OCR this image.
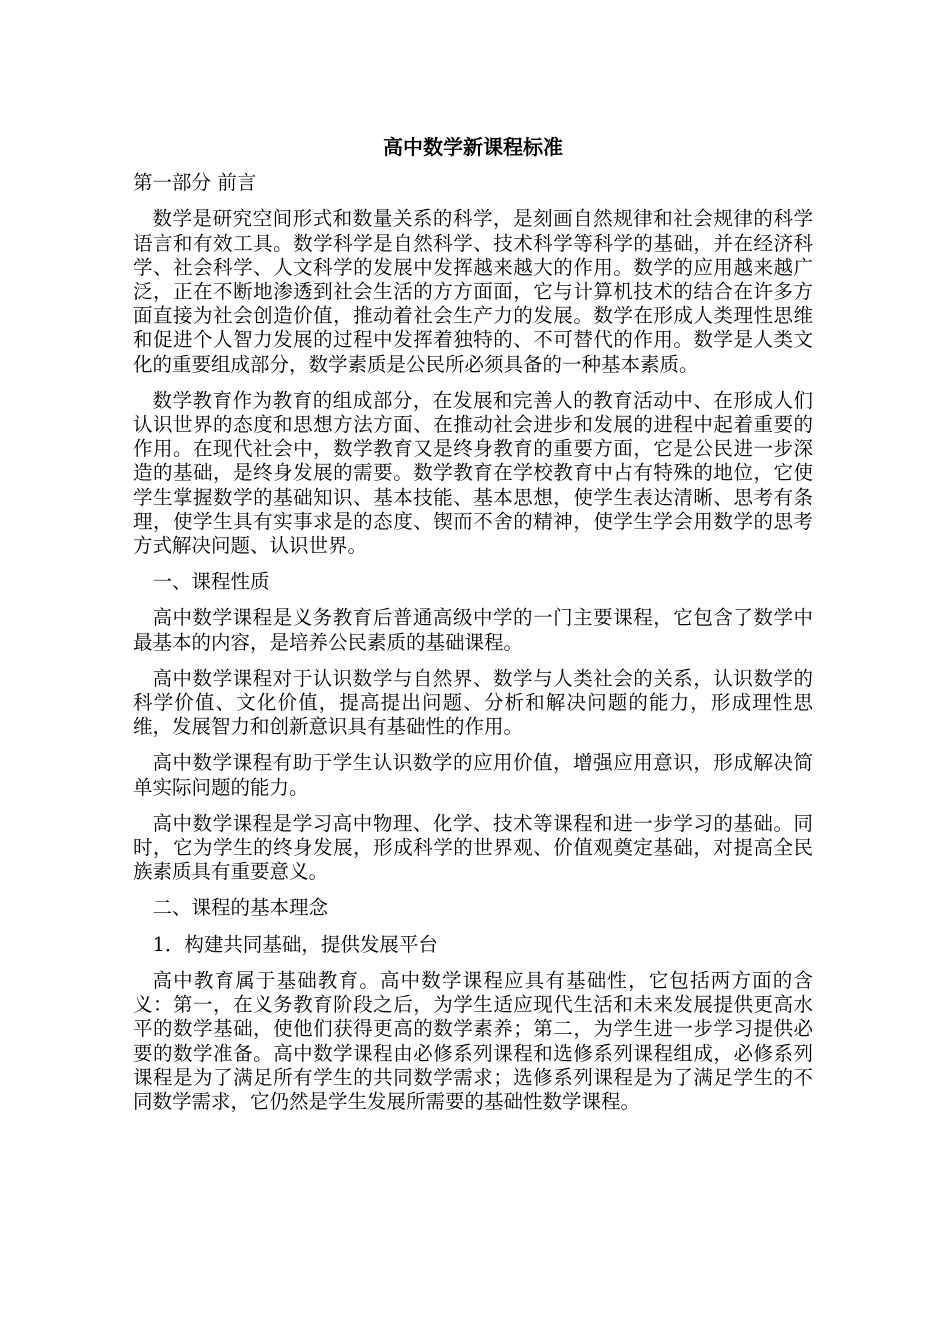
高中数学新课程标准
第一部分 前言

数学是研究空间形式和数量关系的科学，是刻画自然规律和社会规律的科学语言和有效工具。数学科学是自然科学、技术科学等科学的基础，并在经济科学、社会科学、人文科学的发展中发挥越来越大的作用。数学的应用越来越广泛，正在不断地渗透到社会生活的方方面面，它与计算机技术的结合在许多方面直接为社会创造价值，推动着社会生产力的发展。数学在形成人类理性思维和促进个人智力发展的过程中发挥着独特的、不可替代的作用。数学是人类文化的重要组成部分，数学素质是公民所必须具备的一种基本素质。

数学教育作为教育的组成部分，在发展和完善人的教育活动中、在形成人们认识世界的态度和思想方法方面、在推动社会进步和发展的进程中起着重要的作用。在现代社会中，数学教育又是终身教育的重要方面，它是公民进一步深造的基础，是终身发展的需要。数学教育在学校教育中占有特殊的地位，它使学生掌握数学的基础知识、基本技能、基本思想，使学生表达清晰、思考有条理，使学生具有实事求是的态度、锲而不舍的精神，使学生学会用数学的思考方式解决问题、认识世界。

一、课程性质

高中数学课程是义务教育后普通高级中学的一门主要课程，它包含了数学中最基本的内容，是培养公民素质的基础课程。

高中数学课程对于认识数学与自然界、数学与人类社会的关系，认识数学的科学价值、文化价值，提高提出问题、分析和解决问题的能力，形成理性思维，发展智力和创新意识具有基础性的作用。

高中数学课程有助于学生认识数学的应用价值，增强应用意识，形成解决简单实际问题的能力。

高中数学课程是学习高中物理、化学、技术等课程和进一步学习的基础。同时，它为学生的终身发展，形成科学的世界观、价值观奠定基础，对提高全民族素质具有重要意义。

二、课程的基本理念
1．构建共同基础，提供发展平台

高中教育属于基础教育。高中数学课程应具有基础性，它包括两方面的含义：第一，在义务教育阶段之后，为学生适应现代生活和未来发展提供更高水平的数学基础，使他们获得更高的数学素养；第二，为学生进一步学习提供必要的数学准备。高中数学课程由必修系列课程和选修系列课程组成，必修系列课程是为了满足所有学生的共同数学需求；选修系列课程是为了满足学生的不同数学需求，它仍然是学生发展所需要的基础性数学课程。
